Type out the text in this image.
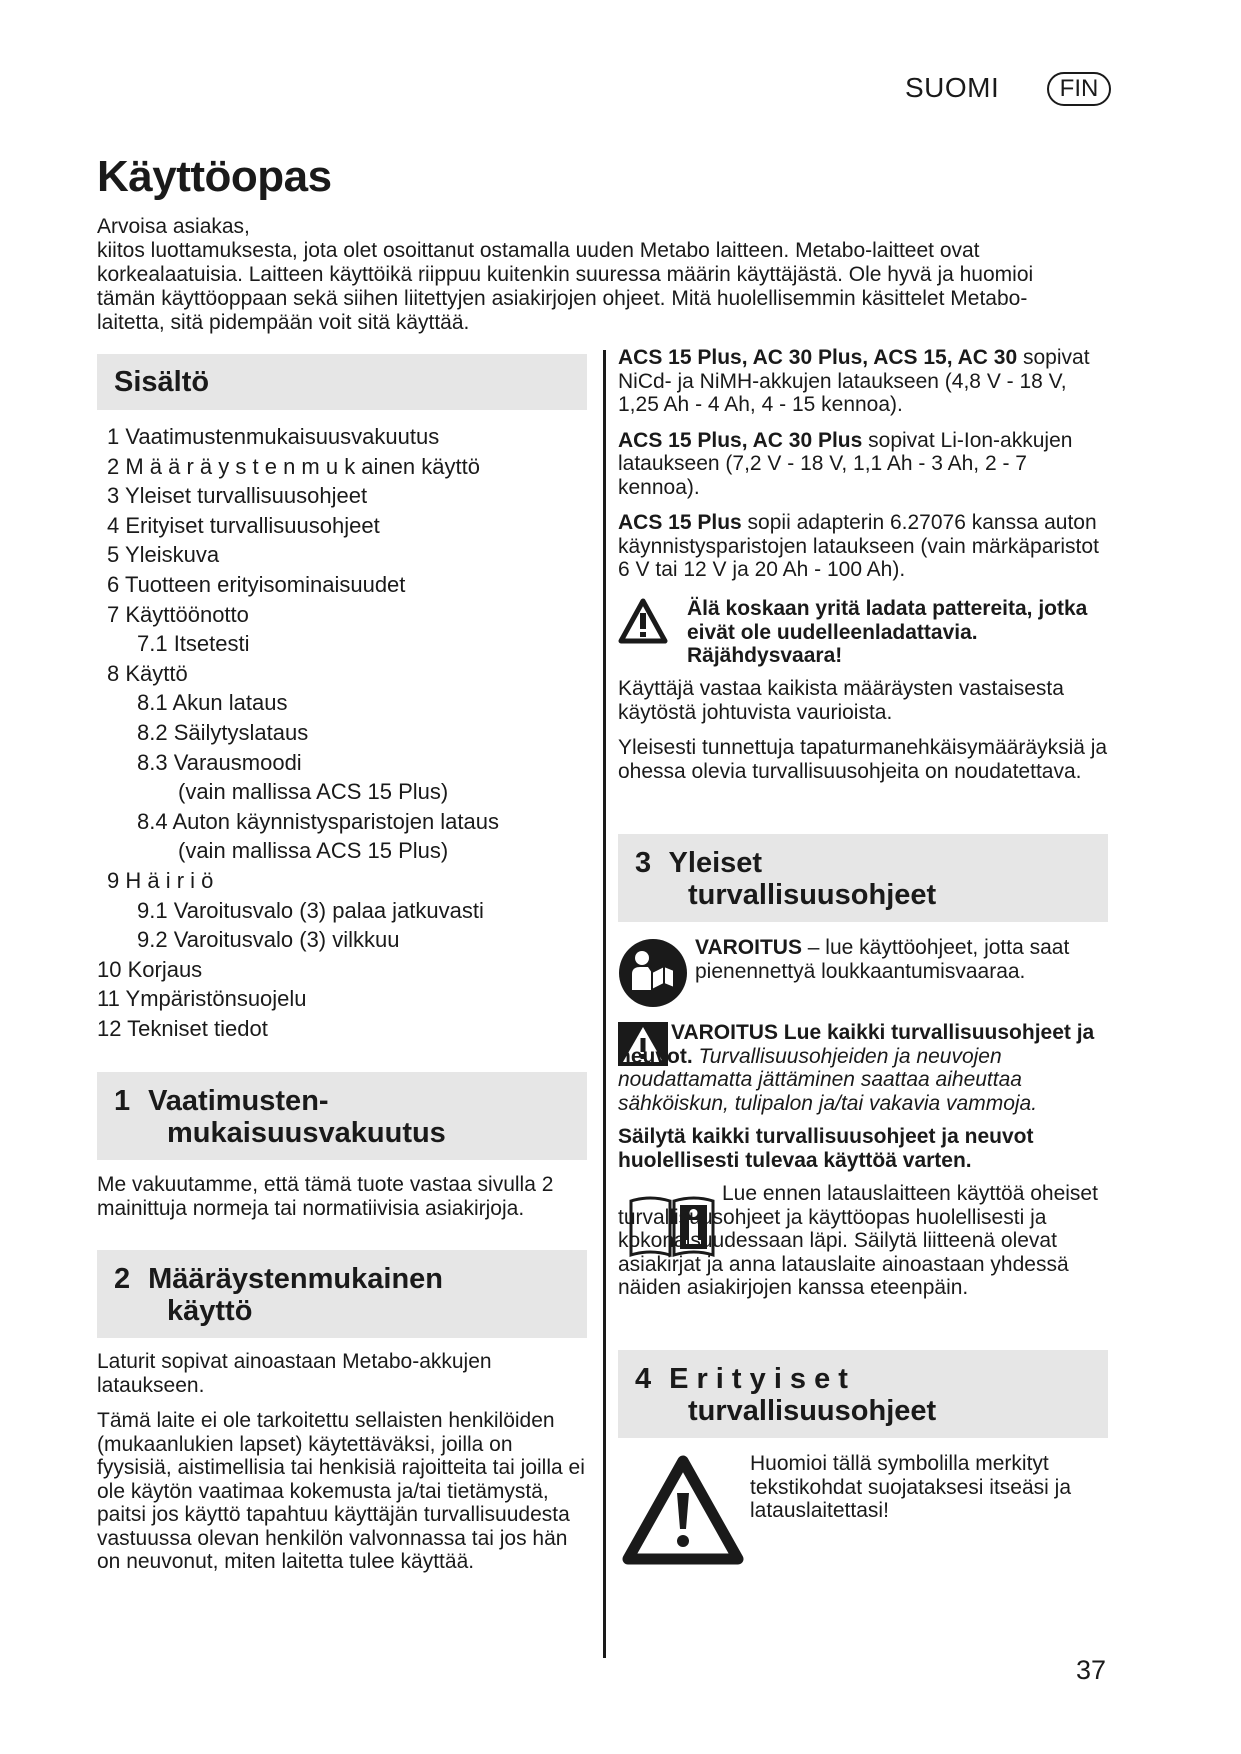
SUOMI	FIN
Käyttöopas

Arvoisa asiakas,

kiitos luottamuksesta, jota olet osoittanut ostamalla uuden Metabo laitteen. Metabo-laitteet ovat korkealaatuisia. Laitteen käyttöikä riippuu kuitenkin suuressa määrin käyttäjästä. Ole hyvä ja huomioi tämän käyttöoppaan sekä siihen liitettyjen asiakirjojen ohjeet. Mitä huolellisemmin käsittelet Metabo-laitetta, sitä pidempään voit sitä käyttää.

Sisältö
1 Vaatimustenmukaisuusvakuutus
2 M ä ä r ä y s t e n m u k ainen käyttö
3 Yleiset turvallisuusohjeet
4 Erityiset turvallisuusohjeet
5 Yleiskuva
6 Tuotteen erityisominaisuudet
7 Käyttöönotto
7.1 Itsetesti
8 Käyttö
8.1 Akun lataus
8.2 Säilytyslataus
8.3 Varausmoodi
(vain mallissa ACS 15 Plus)
8.4 Auton käynnistysparistojen lataus
(vain mallissa ACS 15 Plus)
9 H ä i r i ö
9.1 Varoitusvalo (3) palaa jatkuvasti
9.2 Varoitusvalo (3) vilkkuu
10 Korjaus
11 Ympäristönsuojelu
12 Tekniset tiedot
1 Vaatimusten-
mukaisuusvakuutus

Me vakuutamme, että tämä tuote vastaa sivulla 2 mainittuja normeja tai normatiivisia asiakirjoja.

2 Määräystenmukainen
käyttö

Laturit sopivat ainoastaan Metabo-akkujen lataukseen.

Tämä laite ei ole tarkoitettu sellaisten henkilöiden (mukaanlukien lapset) käytettäväksi, joilla on fyysisiä, aistimellisia tai henkisiä rajoitteita tai joilla ei ole käytön vaatimaa kokemusta ja/tai tietämystä, paitsi jos käyttö tapahtuu käyttäjän turvallisuudesta vastuussa olevan henkilön valvonnassa tai jos hän on neuvonut, miten laitetta tulee käyttää.

ACS 15 Plus, AC 30 Plus, ACS 15, AC 30 sopivat NiCd- ja NiMH-akkujen lataukseen (4,8 V - 18 V, 1,25 Ah - 4 Ah, 4 - 15 kennoa).

ACS 15 Plus, AC 30 Plus sopivat Li-Ion-akkujen lataukseen (7,2 V - 18 V, 1,1 Ah - 3 Ah, 2 - 7 kennoa).

ACS 15 Plus sopii adapterin 6.27076 kanssa auton käynnistysparistojen lataukseen (vain märkäparistot 6 V tai 12 V ja 20 Ah - 100 Ah).

Älä koskaan yritä ladata pattereita, jotka eivät ole uudelleenladattavia. Räjähdysvaara!

Käyttäjä vastaa kaikista määräysten vastaisesta käytöstä johtuvista vaurioista.

Yleisesti tunnettuja tapaturmanehkäisymääräyksiä ja ohessa olevia turvallisuusohjeita on noudatettava.

3 Yleiset
turvallisuusohjeet
VAROITUS – lue käyttöohjeet, jotta saat pienennettyä loukkaantumisvaaraa.
VAROITUS Lue kaikki turvallisuusohjeet ja neuvot. Turvallisuusohjeiden ja neuvojen noudattamatta jättäminen saattaa aiheuttaa sähköiskun, tulipalon ja/tai vakavia vammoja.
Säilytä kaikki turvallisuusohjeet ja neuvot huolellisesti tulevaa käyttöä varten.
Lue ennen latauslaitteen käyttöä oheiset turvallisuusohjeet ja käyttöopas huolellisesti ja kokonaisuudessaan läpi. Säilytä liitteenä olevat asiakirjat ja anna latauslaite ainoastaan yhdessä näiden asiakirjojen kanssa eteenpäin.
4 E r i t y i s e t
turvallisuusohjeet
Huomioi tällä symbolilla merkityt tekstikohdat suojataksesi itseäsi ja latauslaitettasi!
37
